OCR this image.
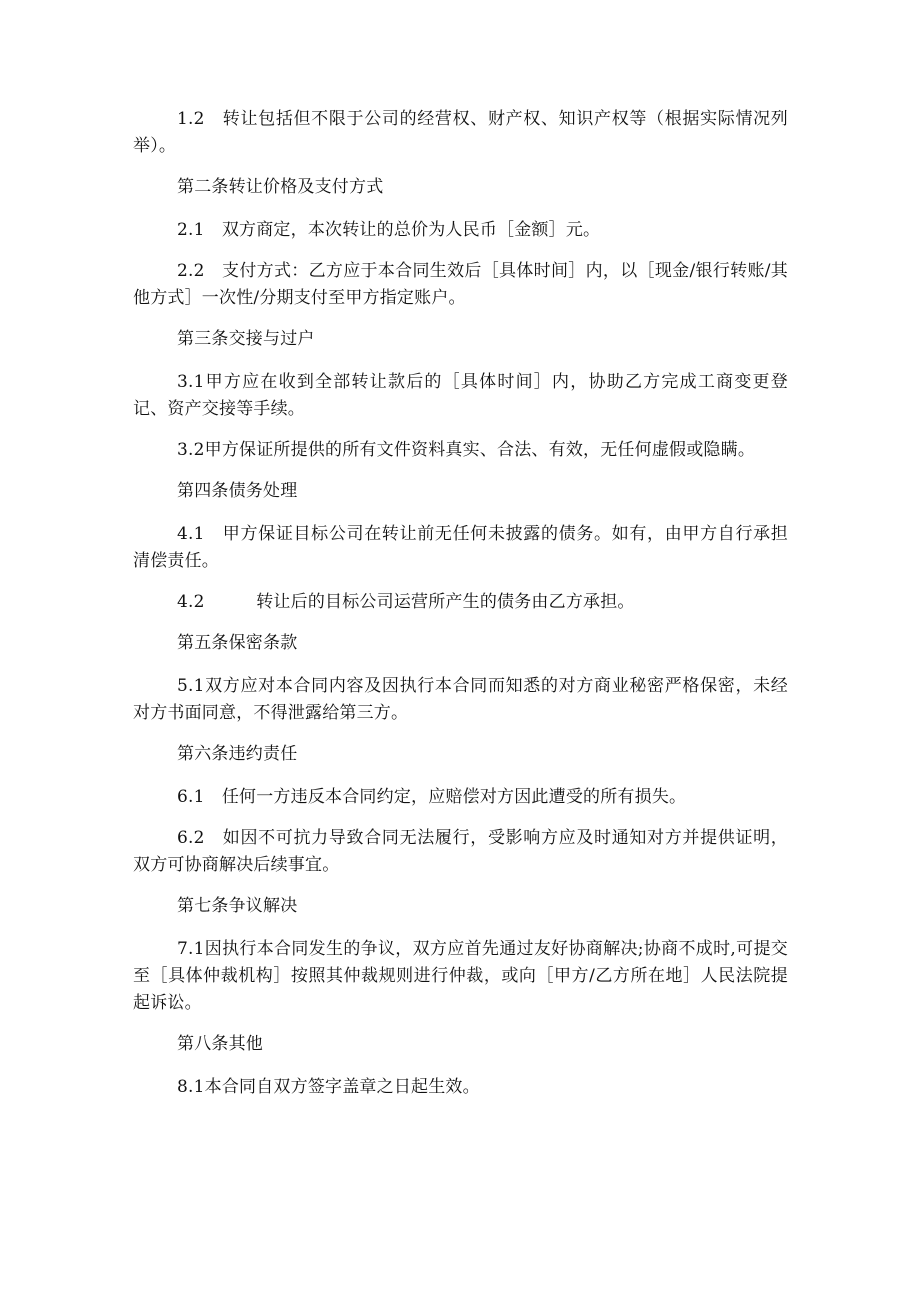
1.2　转让包括但不限于公司的经营权、财产权、知识产权等（根据实际情况列举）。

第二条转让价格及支付方式

2.1　双方商定，本次转让的总价为人民币［金额］元。

2.2　支付方式：乙方应于本合同生效后［具体时间］内，以［现金/银行转账/其他方式］一次性/分期支付至甲方指定账户。

第三条交接与过户

3.1甲方应在收到全部转让款后的［具体时间］内，协助乙方完成工商变更登记、资产交接等手续。

3.2甲方保证所提供的所有文件资料真实、合法、有效，无任何虚假或隐瞒。

第四条债务处理

4.1　甲方保证目标公司在转让前无任何未披露的债务。如有，由甲方自行承担清偿责任。

4.2　　　转让后的目标公司运营所产生的债务由乙方承担。

第五条保密条款

5.1双方应对本合同内容及因执行本合同而知悉的对方商业秘密严格保密，未经对方书面同意，不得泄露给第三方。

第六条违约责任

6.1　任何一方违反本合同约定，应赔偿对方因此遭受的所有损失。

6.2　如因不可抗力导致合同无法履行，受影响方应及时通知对方并提供证明，双方可协商解决后续事宜。

第七条争议解决

7.1因执行本合同发生的争议，双方应首先通过友好协商解决;协商不成时,可提交至［具体仲裁机构］按照其仲裁规则进行仲裁，或向［甲方/乙方所在地］人民法院提起诉讼。

第八条其他

8.1本合同自双方签字盖章之日起生效。
